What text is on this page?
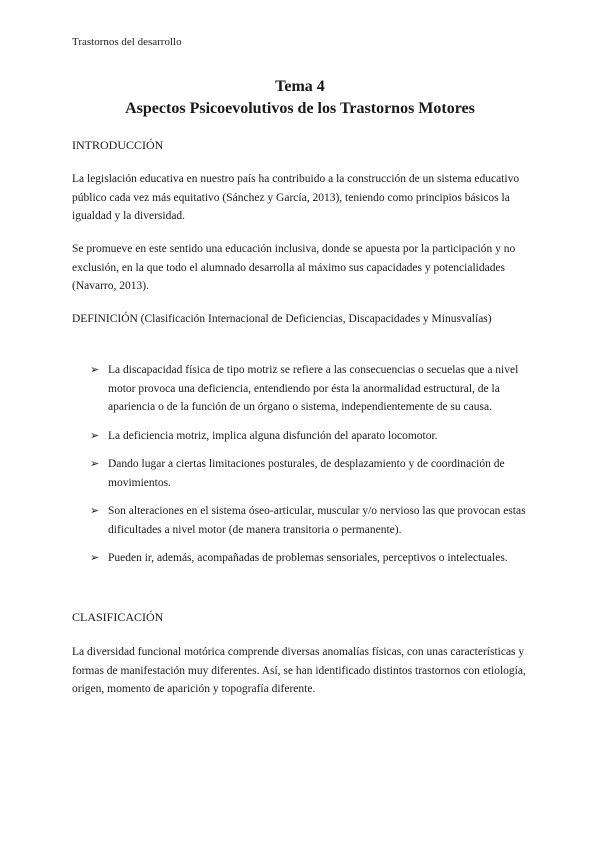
Trastornos del desarrollo
Tema 4
Aspectos Psicoevolutivos de los Trastornos Motores
INTRODUCCIÓN
La legislación educativa en nuestro país ha contribuido a la construcción de un sistema educativo público cada vez más equitativo (Sánchez y García, 2013), teniendo como principios básicos la igualdad y la diversidad.
Se promueve en este sentido una educación inclusiva, donde se apuesta por la participación y no exclusión, en la que todo el alumnado desarrolla al máximo sus capacidades y potencialidades (Navarro, 2013).
DEFINICIÓN (Clasificación Internacional de Deficiencias, Discapacidades y Minusvalías)
➢ La discapacidad física de tipo motriz se refiere a las consecuencias o secuelas que a nivel motor provoca una deficiencia, entendiendo por ésta la anormalidad estructural, de la apariencia o de la función de un órgano o sistema, independientemente de su causa.
➢ La deficiencia motriz, implica alguna disfunción del aparato locomotor.
➢ Dando lugar a ciertas limitaciones posturales, de desplazamiento y de coordinación de movimientos.
➢ Son alteraciones en el sistema óseo-articular, muscular y/o nervioso las que provocan estas dificultades a nivel motor (de manera transitoria o permanente).
➢ Pueden ir, además, acompañadas de problemas sensoriales, perceptivos o intelectuales.
CLASIFICACIÓN
La diversidad funcional motórica comprende diversas anomalías físicas, con unas características y formas de manifestación muy diferentes. Así, se han identificado distintos trastornos con etiología, origen, momento de aparición y topografía diferente.
